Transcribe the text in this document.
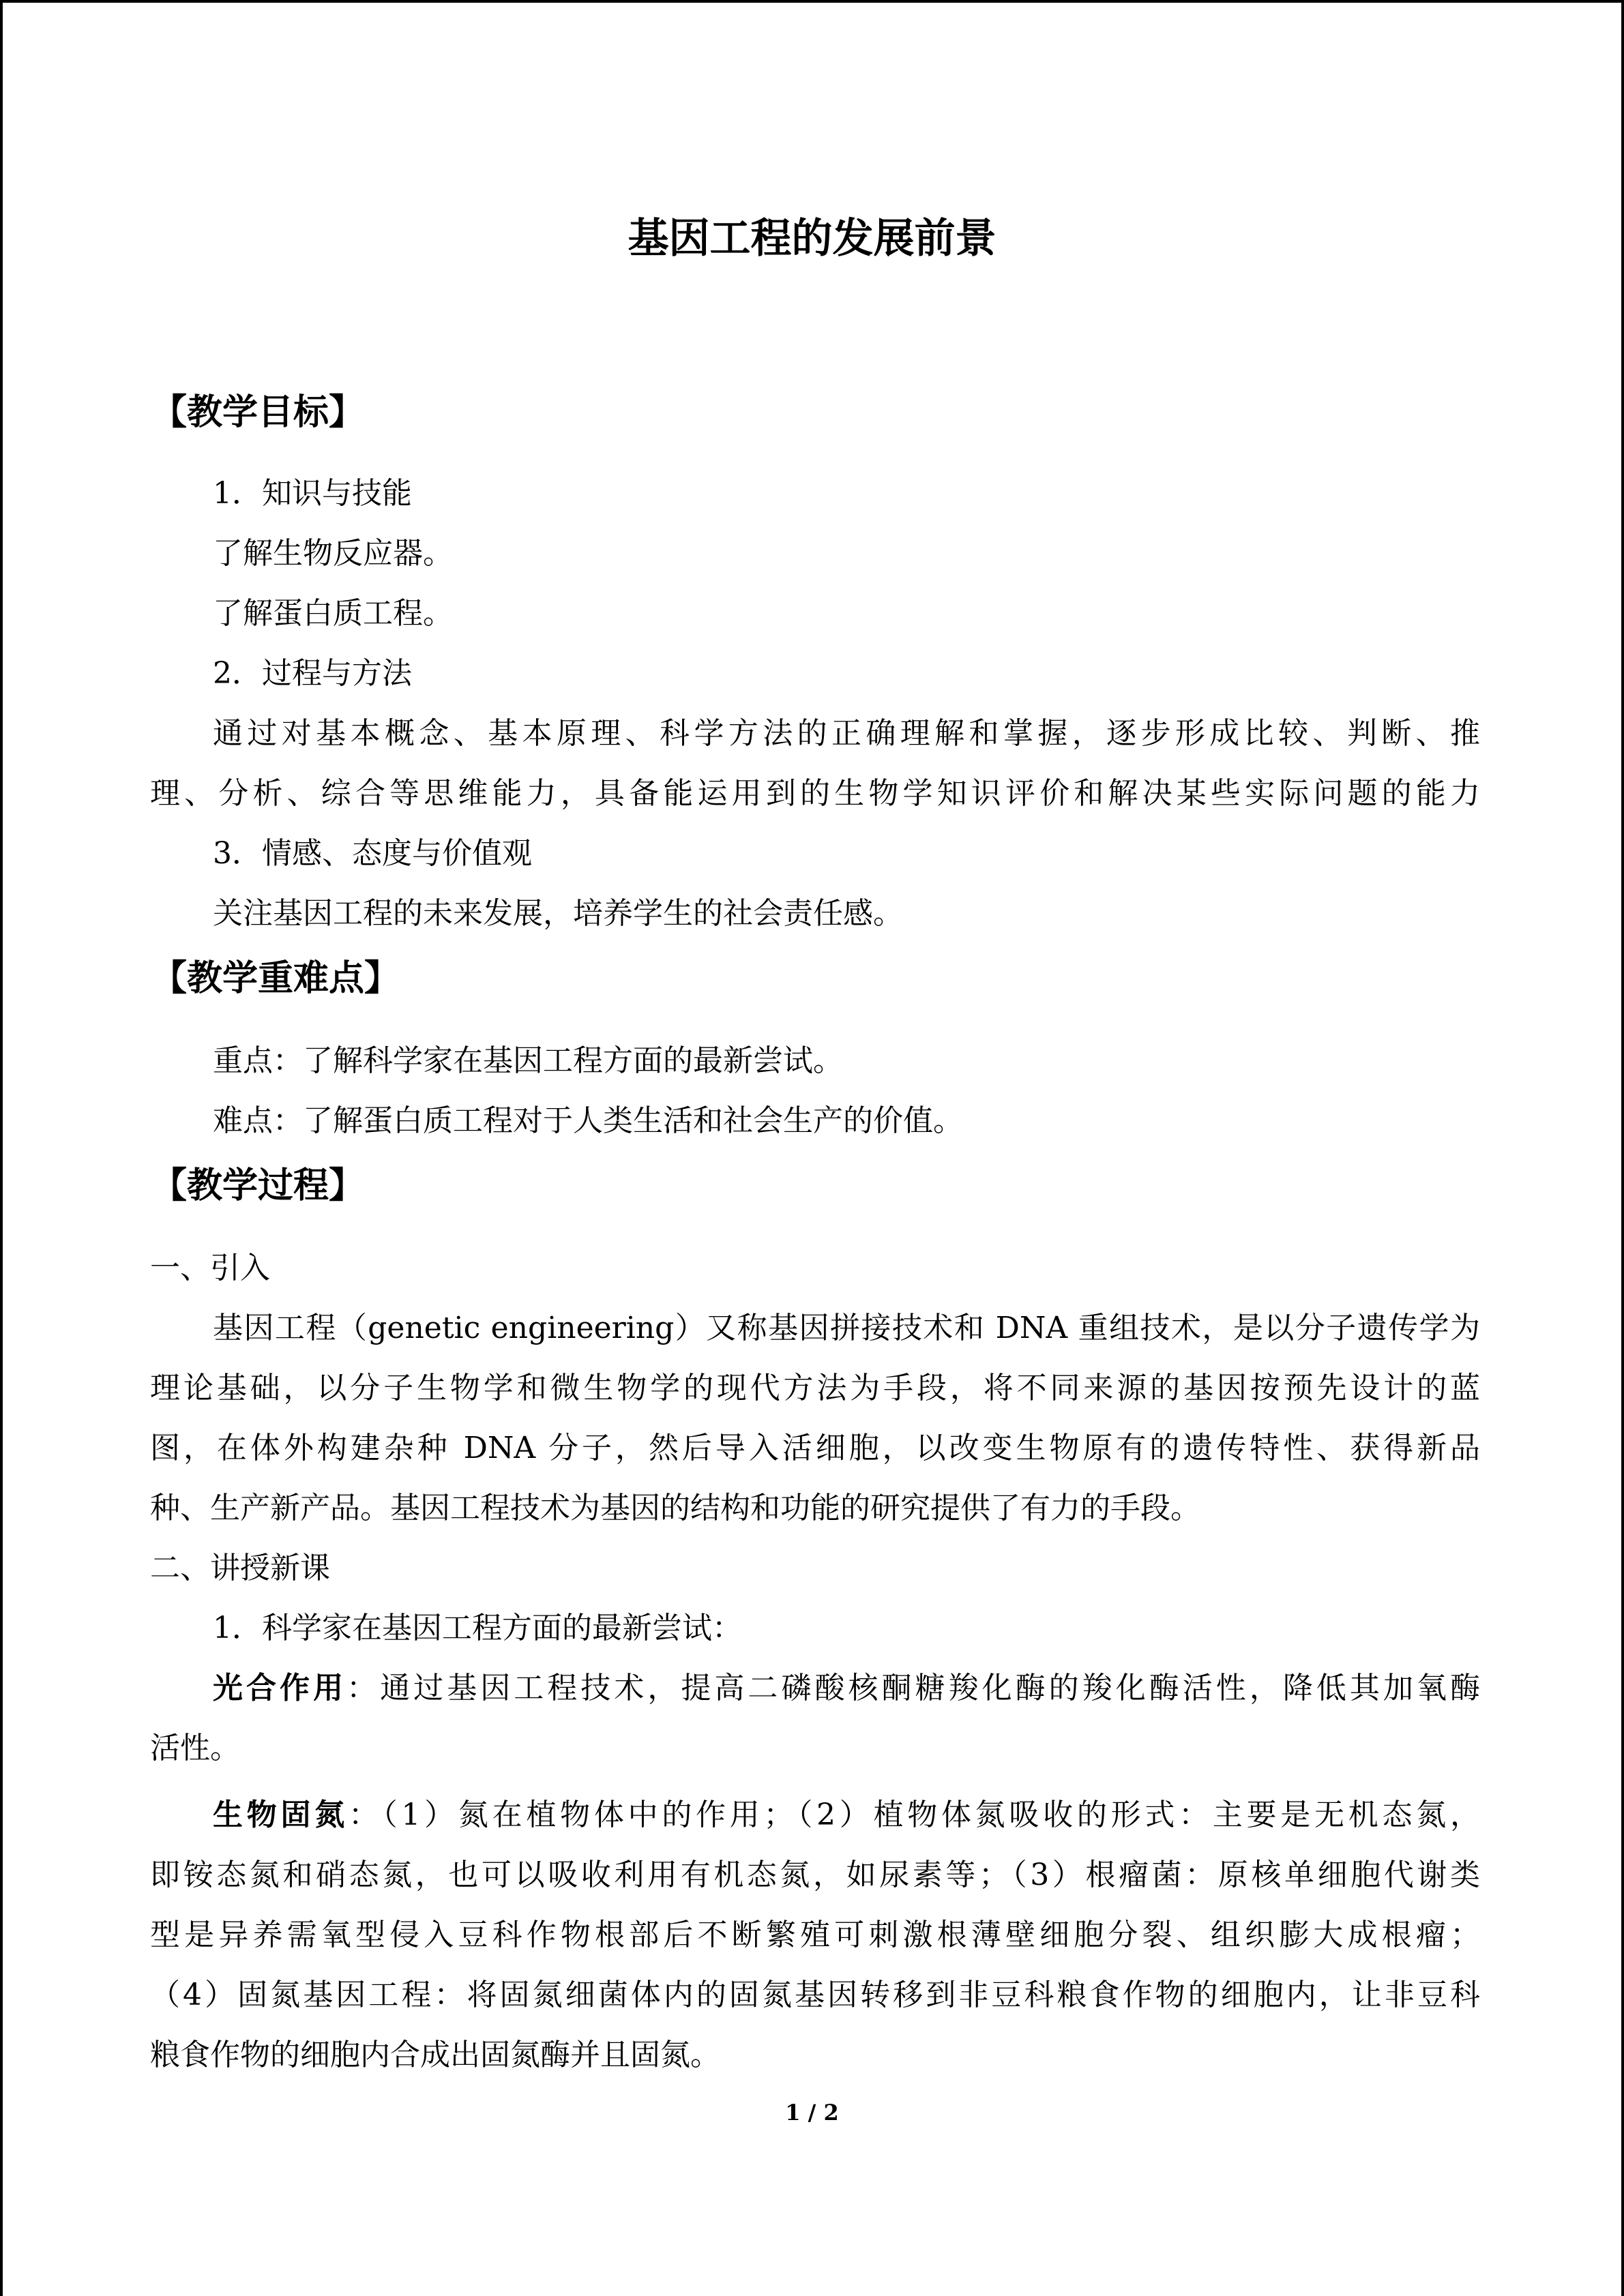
基因工程的发展前景
【教学目标】
1．知识与技能
了解生物反应器。
了解蛋白质工程。
2．过程与方法
通过对基本概念、基本原理、科学方法的正确理解和掌握，逐步形成比较、判断、推
理、分析、综合等思维能力，具备能运用到的生物学知识评价和解决某些实际问题的能力
3．情感、态度与价值观
关注基因工程的未来发展，培养学生的社会责任感。
【教学重难点】
重点：了解科学家在基因工程方面的最新尝试。
难点：了解蛋白质工程对于人类生活和社会生产的价值。
【教学过程】
一、引入
基因工程（genetic engineering）又称基因拼接技术和 DNA 重组技术，是以分子遗传学为
理论基础，以分子生物学和微生物学的现代方法为手段，将不同来源的基因按预先设计的蓝
图，在体外构建杂种 DNA 分子，然后导入活细胞，以改变生物原有的遗传特性、获得新品
种、生产新产品。基因工程技术为基因的结构和功能的研究提供了有力的手段。
二、讲授新课
1．科学家在基因工程方面的最新尝试：
光合作用：通过基因工程技术，提高二磷酸核酮糖羧化酶的羧化酶活性，降低其加氧酶
活性。
生物固氮：（1）氮在植物体中的作用；（2）植物体氮吸收的形式：主要是无机态氮，
即铵态氮和硝态氮，也可以吸收利用有机态氮，如尿素等；（3）根瘤菌：原核单细胞代谢类
型是异养需氧型侵入豆科作物根部后不断繁殖可刺激根薄壁细胞分裂、组织膨大成根瘤；
（4）固氮基因工程：将固氮细菌体内的固氮基因转移到非豆科粮食作物的细胞内，让非豆科
粮食作物的细胞内合成出固氮酶并且固氮。
1 / 2
